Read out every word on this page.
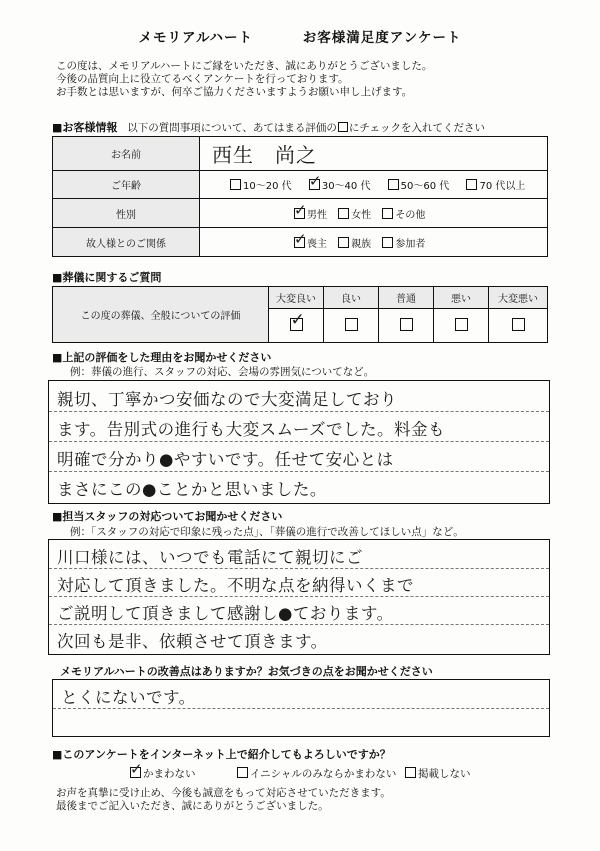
メモリアルハート	お客様満足度アンケート
この度は、メモリアルハートにご縁をいただき、誠にありがとうございました。
今後の品質向上に役立てるべくアンケートを行っております。
お手数とは思いますが、何卒ご協力くださいますようお願い申し上げます。
■お客様情報 以下の質問事項について、あてはまる評価の にチェックを入れてください
お名前	西生　尚之
ご年齢	10～20 代 ✓ 30～40 代 50～60 代 70 代以上
性別	✓ 男性 女性 その他
故人様とのご関係	✓ 喪主 親族 参加者
■葬儀に関するご質問
この度の葬儀、全般についての評価	大変良い	良い	普通	悪い	大変悪い

	✓				

■上記の評価をした理由をお聞かせください
例：葬儀の進行、スタッフの対応、会場の雰囲気についてなど。
親切、丁寧かつ安価なので大変満足しており
ます。告別式の進行も大変スムーズでした。料金も
明確で分かり●やすいです。任せて安心とは
まさにこの●ことかと思いました。
■担当スタッフの対応ついてお聞かせください
例：「スタッフの対応で印象に残った点」、「葬儀の進行で改善してほしい点」など。
川口様には、いつでも電話にて親切にご
対応して頂きました。不明な点を納得いくまで
ご説明して頂きまして感謝し●ております。
次回も是非、依頼させて頂きます。
メモリアルハートの改善点はありますか？お気づきの点をお聞かせください
とくにないです。
■このアンケートをインターネット上で紹介してもよろしいですか？
✓ かまわない	イニシャルのみならかまわない	掲載しない
お声を真摯に受け止め、今後も誠意をもって対応させていただきます。
最後までご記入いただき、誠にありがとうございました。
